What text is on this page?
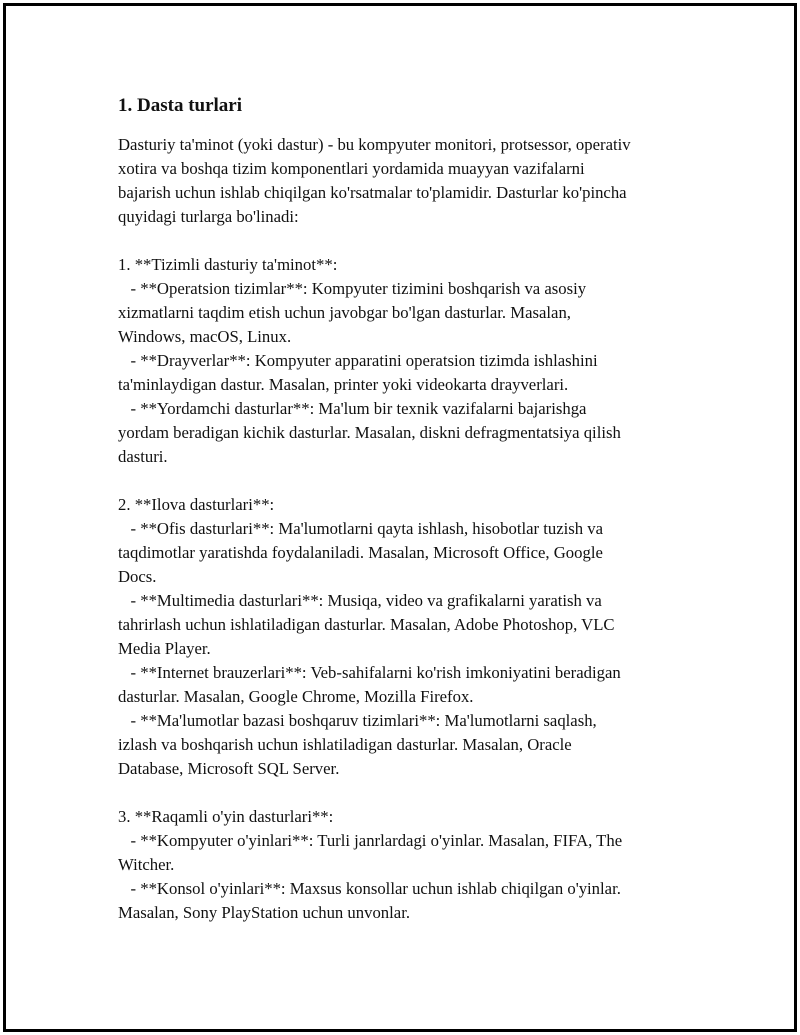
1. Dasta turlari
Dasturiy ta'minot (yoki dastur) - bu kompyuter monitori, protsessor, operativ
xotira va boshqa tizim komponentlari yordamida muayyan vazifalarni
bajarish uchun ishlab chiqilgan ko'rsatmalar to'plamidir. Dasturlar ko'pincha
quyidagi turlarga bo'linadi:
1. **Tizimli dasturiy ta'minot**:
- **Operatsion tizimlar**: Kompyuter tizimini boshqarish va asosiy
xizmatlarni taqdim etish uchun javobgar bo'lgan dasturlar. Masalan,
Windows, macOS, Linux.
- **Drayverlar**: Kompyuter apparatini operatsion tizimda ishlashini
ta'minlaydigan dastur. Masalan, printer yoki videokarta drayverlari.
- **Yordamchi dasturlar**: Ma'lum bir texnik vazifalarni bajarishga
yordam beradigan kichik dasturlar. Masalan, diskni defragmentatsiya qilish
dasturi.
2. **Ilova dasturlari**:
- **Ofis dasturlari**: Ma'lumotlarni qayta ishlash, hisobotlar tuzish va
taqdimotlar yaratishda foydalaniladi. Masalan, Microsoft Office, Google
Docs.
- **Multimedia dasturlari**: Musiqa, video va grafikalarni yaratish va
tahrirlash uchun ishlatiladigan dasturlar. Masalan, Adobe Photoshop, VLC
Media Player.
- **Internet brauzerlari**: Veb-sahifalarni ko'rish imkoniyatini beradigan
dasturlar. Masalan, Google Chrome, Mozilla Firefox.
- **Ma'lumotlar bazasi boshqaruv tizimlari**: Ma'lumotlarni saqlash,
izlash va boshqarish uchun ishlatiladigan dasturlar. Masalan, Oracle
Database, Microsoft SQL Server.
3. **Raqamli o'yin dasturlari**:
- **Kompyuter o'yinlari**: Turli janrlardagi o'yinlar. Masalan, FIFA, The
Witcher.
- **Konsol o'yinlari**: Maxsus konsollar uchun ishlab chiqilgan o'yinlar.
Masalan, Sony PlayStation uchun unvonlar.
